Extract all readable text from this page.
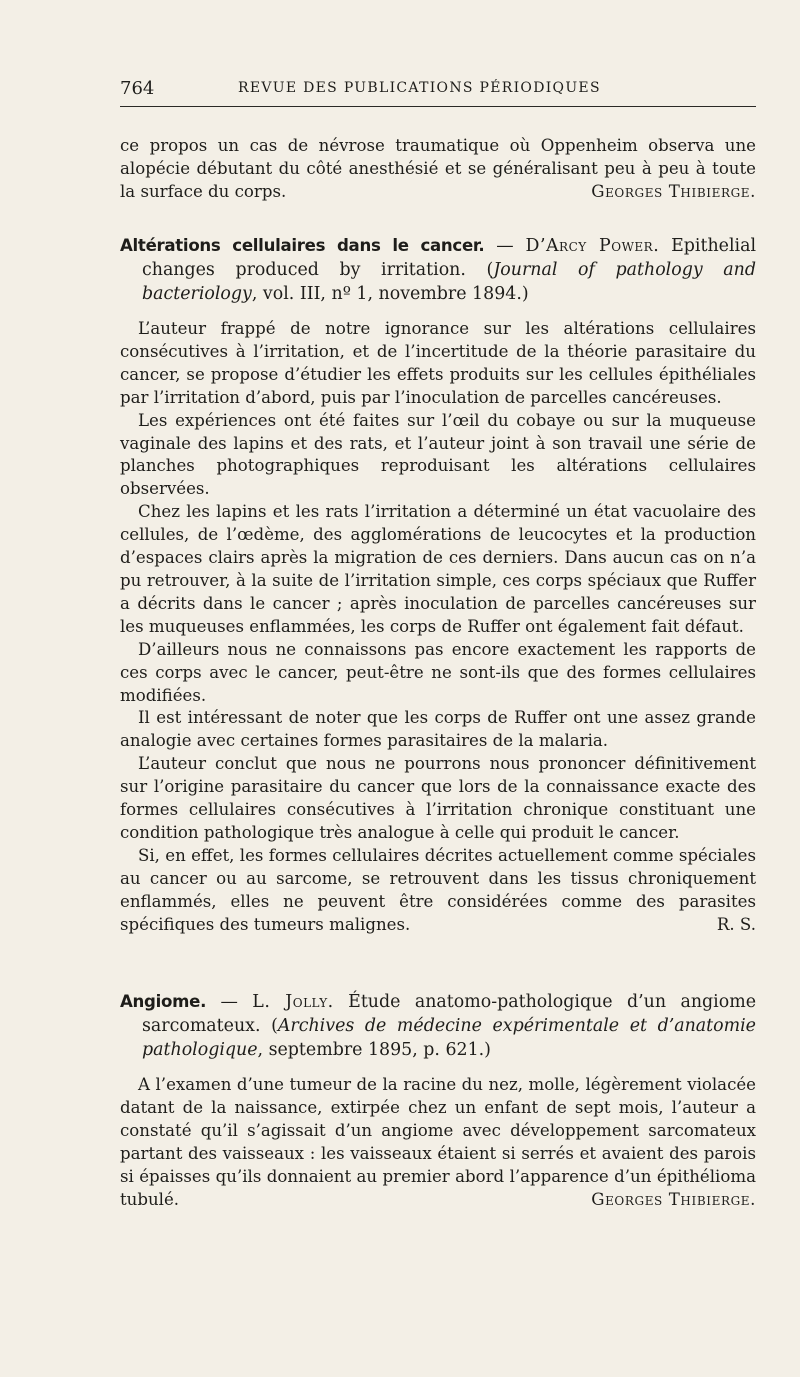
764	REVUE DES PUBLICATIONS PÉRIODIQUES

ce propos un cas de névrose traumatique où Oppenheim observa une alopécie débutant du côté anesthésié et se généralisant peu à peu à toute la surface du corps.	Georges Thibierge.

Altérations cellulaires dans le cancer. — D’Arcy Power. Epithelial changes produced by irritation. (Journal of pathology and bacteriology, vol. III, nº 1, novembre 1894.)

L’auteur frappé de notre ignorance sur les altérations cellulaires consécutives à l’irritation, et de l’incertitude de la théorie parasitaire du cancer, se propose d’étudier les effets produits sur les cellules épithéliales par l’irritation d’abord, puis par l’inoculation de parcelles cancéreuses.

Les expériences ont été faites sur l’œil du cobaye ou sur la muqueuse vaginale des lapins et des rats, et l’auteur joint à son travail une série de planches photographiques reproduisant les altérations cellulaires observées.

Chez les lapins et les rats l’irritation a déterminé un état vacuolaire des cellules, de l’œdème, des agglomérations de leucocytes et la production d’espaces clairs après la migration de ces derniers. Dans aucun cas on n’a pu retrouver, à la suite de l’irritation simple, ces corps spéciaux que Ruffer a décrits dans le cancer ; après inoculation de parcelles cancéreuses sur les muqueuses enflammées, les corps de Ruffer ont également fait défaut.

D’ailleurs nous ne connaissons pas encore exactement les rapports de ces corps avec le cancer, peut-être ne sont-ils que des formes cellulaires modifiées.

Il est intéressant de noter que les corps de Ruffer ont une assez grande analogie avec certaines formes parasitaires de la malaria.

L’auteur conclut que nous ne pourrons nous prononcer définitivement sur l’origine parasitaire du cancer que lors de la connaissance exacte des formes cellulaires consécutives à l’irritation chronique constituant une condition pathologique très analogue à celle qui produit le cancer.

Si, en effet, les formes cellulaires décrites actuellement comme spéciales au cancer ou au sarcome, se retrouvent dans les tissus chroniquement enflammés, elles ne peuvent être considérées comme des parasites spécifiques des tumeurs malignes.	R. S.

Angiome. — L. Jolly. Étude anatomo-pathologique d’un angiome sarcomateux. (Archives de médecine expérimentale et d’anatomie pathologique, septembre 1895, p. 621.)

A l’examen d’une tumeur de la racine du nez, molle, légèrement violacée datant de la naissance, extirpée chez un enfant de sept mois, l’auteur a constaté qu’il s’agissait d’un angiome avec développement sarcomateux partant des vaisseaux : les vaisseaux étaient si serrés et avaient des parois si épaisses qu’ils donnaient au premier abord l’apparence d’un épithélioma tubulé.	Georges Thibierge.
